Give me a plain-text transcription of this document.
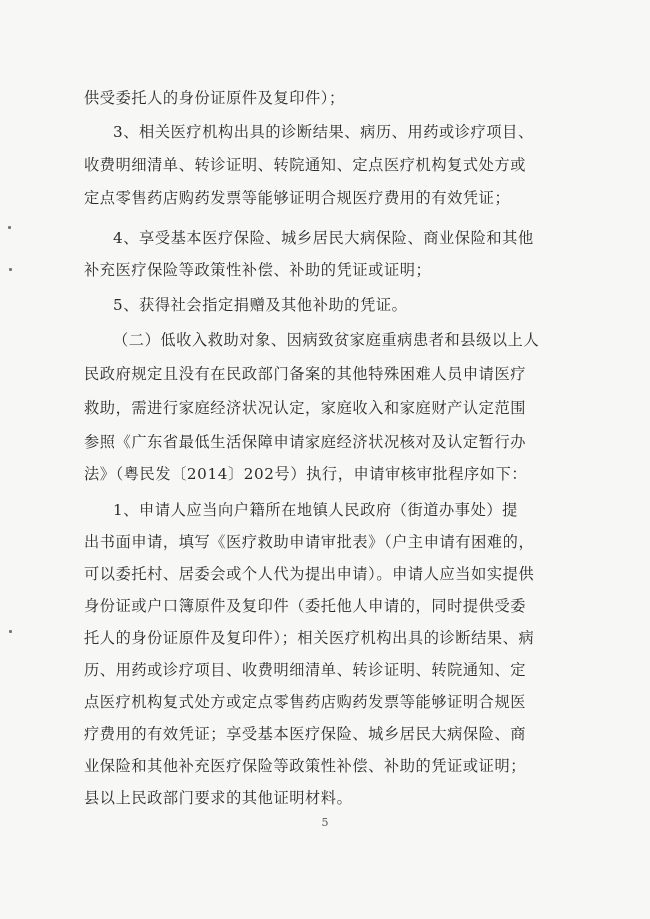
供受委托人的身份证原件及复印件）；
3、相关医疗机构出具的诊断结果、病历、用药或诊疗项目、
收费明细清单、转诊证明、转院通知、定点医疗机构复式处方或
定点零售药店购药发票等能够证明合规医疗费用的有效凭证；
4、享受基本医疗保险、城乡居民大病保险、商业保险和其他
补充医疗保险等政策性补偿、补助的凭证或证明；
5、获得社会指定捐赠及其他补助的凭证。
（二）低收入救助对象、因病致贫家庭重病患者和县级以上人
民政府规定且没有在民政部门备案的其他特殊困难人员申请医疗
救助，需进行家庭经济状况认定，家庭收入和家庭财产认定范围
参照《广东省最低生活保障申请家庭经济状况核对及认定暂行办
法》（粤民发〔2014〕202号）执行，申请审核审批程序如下：
1、申请人应当向户籍所在地镇人民政府（街道办事处）提
出书面申请，填写《医疗救助申请审批表》（户主申请有困难的，
可以委托村、居委会或个人代为提出申请）。申请人应当如实提供
身份证或户口簿原件及复印件（委托他人申请的，同时提供受委
托人的身份证原件及复印件）；相关医疗机构出具的诊断结果、病
历、用药或诊疗项目、收费明细清单、转诊证明、转院通知、定
点医疗机构复式处方或定点零售药店购药发票等能够证明合规医
疗费用的有效凭证；享受基本医疗保险、城乡居民大病保险、商
业保险和其他补充医疗保险等政策性补偿、补助的凭证或证明；
县以上民政部门要求的其他证明材料。
5
